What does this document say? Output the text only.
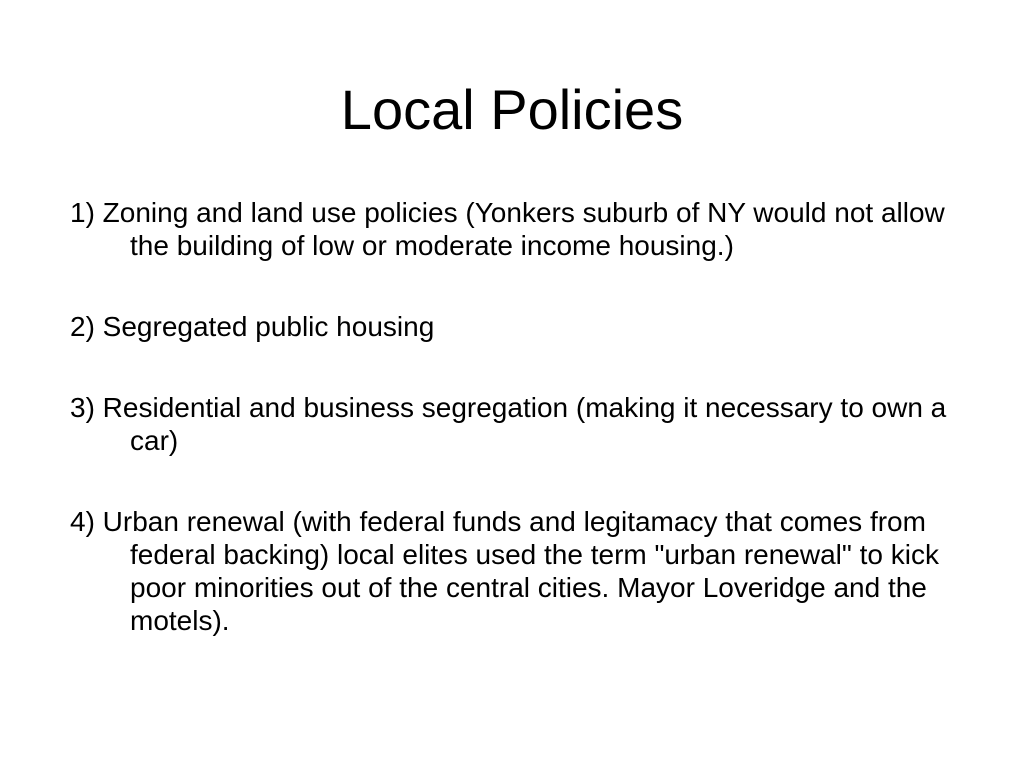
Local Policies
1) Zoning and land use policies (Yonkers suburb of NY would not allow the building of low or moderate income housing.)
2) Segregated public housing
3) Residential and business segregation (making it necessary to own a car)
4) Urban renewal (with federal funds and legitamacy that comes from federal backing) local elites used the term "urban renewal" to kick poor minorities out of the central cities. Mayor Loveridge and the motels).
